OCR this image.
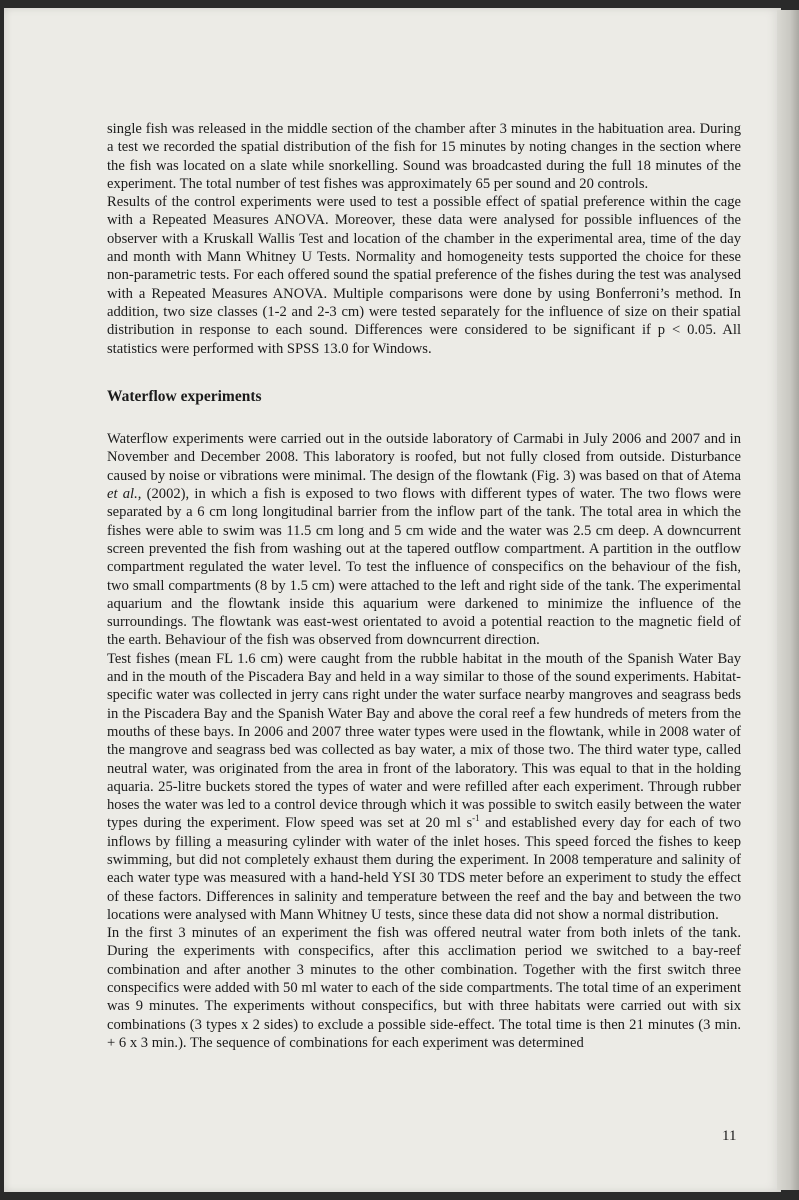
single fish was released in the middle section of the chamber after 3 minutes in the habituation area. During a test we recorded the spatial distribution of the fish for 15 minutes by noting changes in the section where the fish was located on a slate while snorkelling. Sound was broadcasted during the full 18 minutes of the experiment. The total number of test fishes was approximately 65 per sound and 20 controls.

Results of the control experiments were used to test a possible effect of spatial preference within the cage with a Repeated Measures ANOVA. Moreover, these data were analysed for possible influences of the observer with a Kruskall Wallis Test and location of the chamber in the experimental area, time of the day and month with Mann Whitney U Tests. Normality and homogeneity tests supported the choice for these non-parametric tests. For each offered sound the spatial preference of the fishes during the test was analysed with a Repeated Measures ANOVA. Multiple comparisons were done by using Bonferroni’s method. In addition, two size classes (1-2 and 2-3 cm) were tested separately for the influence of size on their spatial distribution in response to each sound. Differences were considered to be significant if p < 0.05. All statistics were performed with SPSS 13.0 for Windows.

Waterflow experiments

Waterflow experiments were carried out in the outside laboratory of Carmabi in July 2006 and 2007 and in November and December 2008. This laboratory is roofed, but not fully closed from outside. Disturbance caused by noise or vibrations were minimal. The design of the flowtank (Fig. 3) was based on that of Atema et al., (2002), in which a fish is exposed to two flows with different types of water. The two flows were separated by a 6 cm long longitudinal barrier from the inflow part of the tank. The total area in which the fishes were able to swim was 11.5 cm long and 5 cm wide and the water was 2.5 cm deep. A downcurrent screen prevented the fish from washing out at the tapered outflow compartment. A partition in the outflow compartment regulated the water level. To test the influence of conspecifics on the behaviour of the fish, two small compartments (8 by 1.5 cm) were attached to the left and right side of the tank. The experimental aquarium and the flowtank inside this aquarium were darkened to minimize the influence of the surroundings. The flowtank was east-west orientated to avoid a potential reaction to the magnetic field of the earth. Behaviour of the fish was observed from downcurrent direction.

Test fishes (mean FL 1.6 cm) were caught from the rubble habitat in the mouth of the Spanish Water Bay and in the mouth of the Piscadera Bay and held in a way similar to those of the sound experiments. Habitat-specific water was collected in jerry cans right under the water surface nearby mangroves and seagrass beds in the Piscadera Bay and the Spanish Water Bay and above the coral reef a few hundreds of meters from the mouths of these bays. In 2006 and 2007 three water types were used in the flowtank, while in 2008 water of the mangrove and seagrass bed was collected as bay water, a mix of those two. The third water type, called neutral water, was originated from the area in front of the laboratory. This was equal to that in the holding aquaria. 25-litre buckets stored the types of water and were refilled after each experiment. Through rubber hoses the water was led to a control device through which it was possible to switch easily between the water types during the experiment. Flow speed was set at 20 ml $s^{-1}$ and established every day for each of two inflows by filling a measuring cylinder with water of the inlet hoses. This speed forced the fishes to keep swimming, but did not completely exhaust them during the experiment. In 2008 temperature and salinity of each water type was measured with a hand-held YSI 30 TDS meter before an experiment to study the effect of these factors. Differences in salinity and temperature between the reef and the bay and between the two locations were analysed with Mann Whitney U tests, since these data did not show a normal distribution.

In the first 3 minutes of an experiment the fish was offered neutral water from both inlets of the tank. During the experiments with conspecifics, after this acclimation period we switched to a bay-reef combination and after another 3 minutes to the other combination. Together with the first switch three conspecifics were added with 50 ml water to each of the side compartments. The total time of an experiment was 9 minutes. The experiments without conspecifics, but with three habitats were carried out with six combinations (3 types x 2 sides) to exclude a possible side-effect. The total time is then 21 minutes (3 min. + 6 x 3 min.). The sequence of combinations for each experiment was determined

11
